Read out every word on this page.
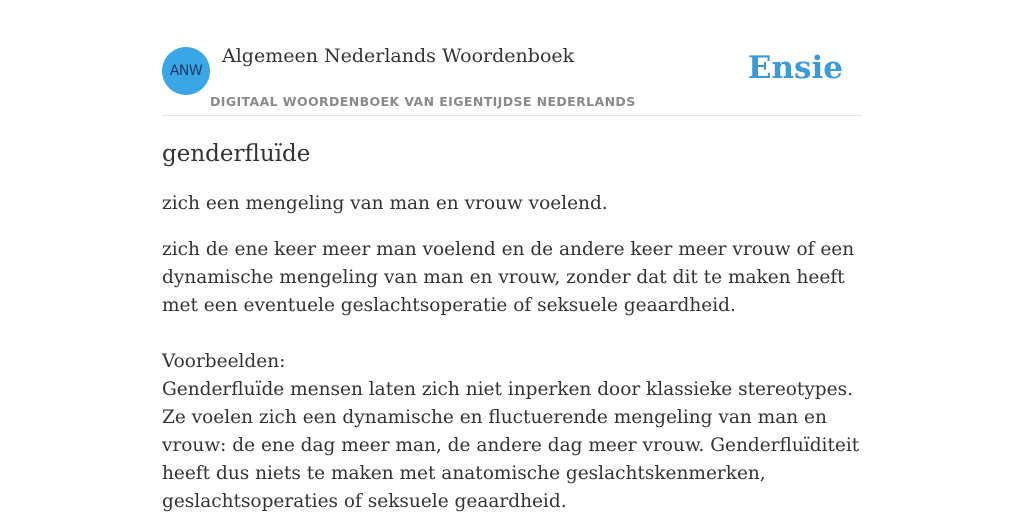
ANW
Algemeen Nederlands Woordenboek
DIGITAAL WOORDENBOEK VAN EIGENTIJDSE NEDERLANDS
Ensie
genderfluïde

zich een mengeling van man en vrouw voelend.

zich de ene keer meer man voelend en de andere keer meer vrouw of een dynamische mengeling van man en vrouw, zonder dat dit te maken heeft met een eventuele geslachtsoperatie of seksuele geaardheid.

Voorbeelden:
Genderfluïde mensen laten zich niet inperken door klassieke stereotypes. Ze voelen zich een dynamische en fluctuerende mengeling van man en vrouw: de ene dag meer man, de andere dag meer vrouw. Genderfluïditeit heeft dus niets te maken met anatomische geslachtskenmerken, geslachtsoperaties of seksuele geaardheid.
